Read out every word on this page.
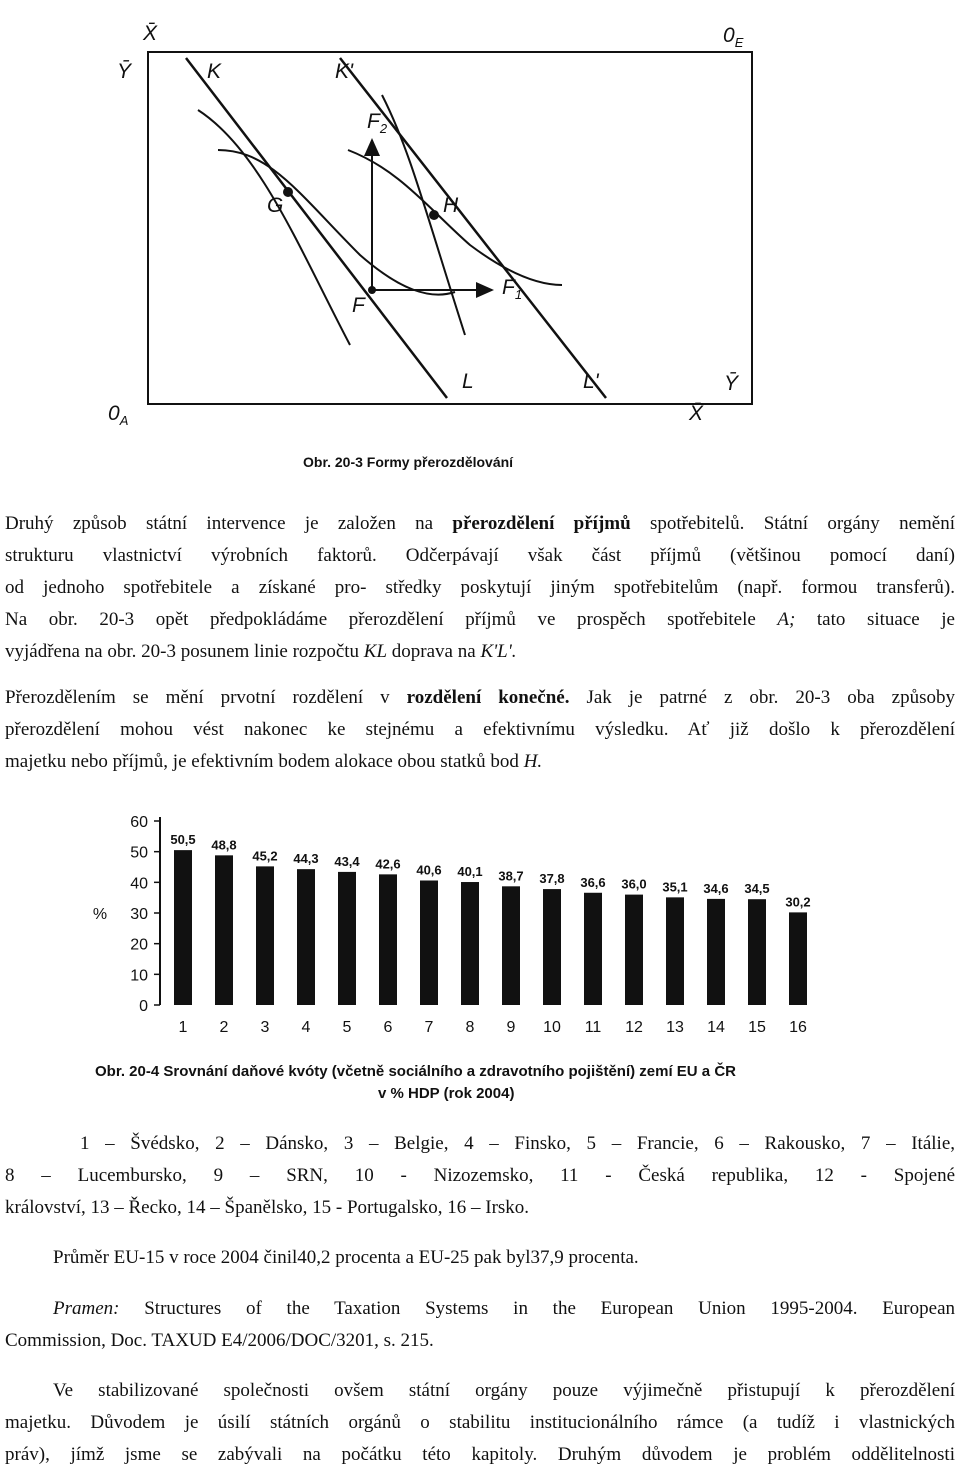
X̄	$0_E$
Ȳ	K	K'
$F_2$
G	H
$F_1$
F
L	L'	Ȳ
$0_A$	X̄
Obr. 20-3 Formy přerozdělování
Druhý způsob státní intervence je založen na přerozdělení příjmů spotřebitelů. Státní orgány nemění
strukturu vlastnictví výrobních faktorů. Odčerpávají však část příjmů (většinou pomocí daní)
od jednoho spotřebitele a získané pro- středky poskytují jiným spotřebitelům (např. formou transferů).
Na obr. 20-3 opět předpokládáme přerozdělení příjmů ve prospěch spotřebitele A; tato situace je
vyjádřena na obr. 20-3 posunem linie rozpočtu KL doprava na K'L'.
Přerozdělením se mění prvotní rozdělení v rozdělení konečné. Jak je patrné z obr. 20-3 oba způsoby
přerozdělení mohou vést nakonec ke stejnému a efektivnímu výsledku. Ať již došlo k přerozdělení
majetku nebo příjmů, je efektivním bodem alokace obou statků bod H.
60
50
40
30
20
10
0
%
50,5
1
48,8
2
45,2
3
44,3
4
43,4
5
42,6
6
40,6
7
40,1
8
38,7
9
37,8
10
36,6
11
36,0
12
35,1
13
34,6
14
34,5
15
30,2
16
Obr. 20-4 Srovnání daňové kvóty (včetně sociálního a zdravotního pojištění) zemí EU a ČR
v % HDP (rok 2004)
1 – Švédsko, 2 – Dánsko, 3 – Belgie, 4 – Finsko, 5 – Francie, 6 – Rakousko, 7 – Itálie,
8 – Lucembursko, 9 – SRN, 10 - Nizozemsko, 11 - Česká republika, 12 - Spojené
království, 13 – Řecko, 14 – Španělsko, 15 - Portugalsko, 16 – Irsko.
Průměr EU-15 v roce 2004 činil40,2 procenta a EU-25 pak byl37,9 procenta.
Pramen: Structures of the Taxation Systems in the European Union 1995-2004. European
Commission, Doc. TAXUD E4/2006/DOC/3201, s. 215.
Ve stabilizované společnosti ovšem státní orgány pouze výjimečně přistupují k přerozdělení
majetku. Důvodem je úsilí státních orgánů o stabilitu institucionálního rámce (a tudíž i vlastnických
práv), jímž jsme se zabývali na počátku této kapitoly. Druhým důvodem je problém oddělitelnosti
